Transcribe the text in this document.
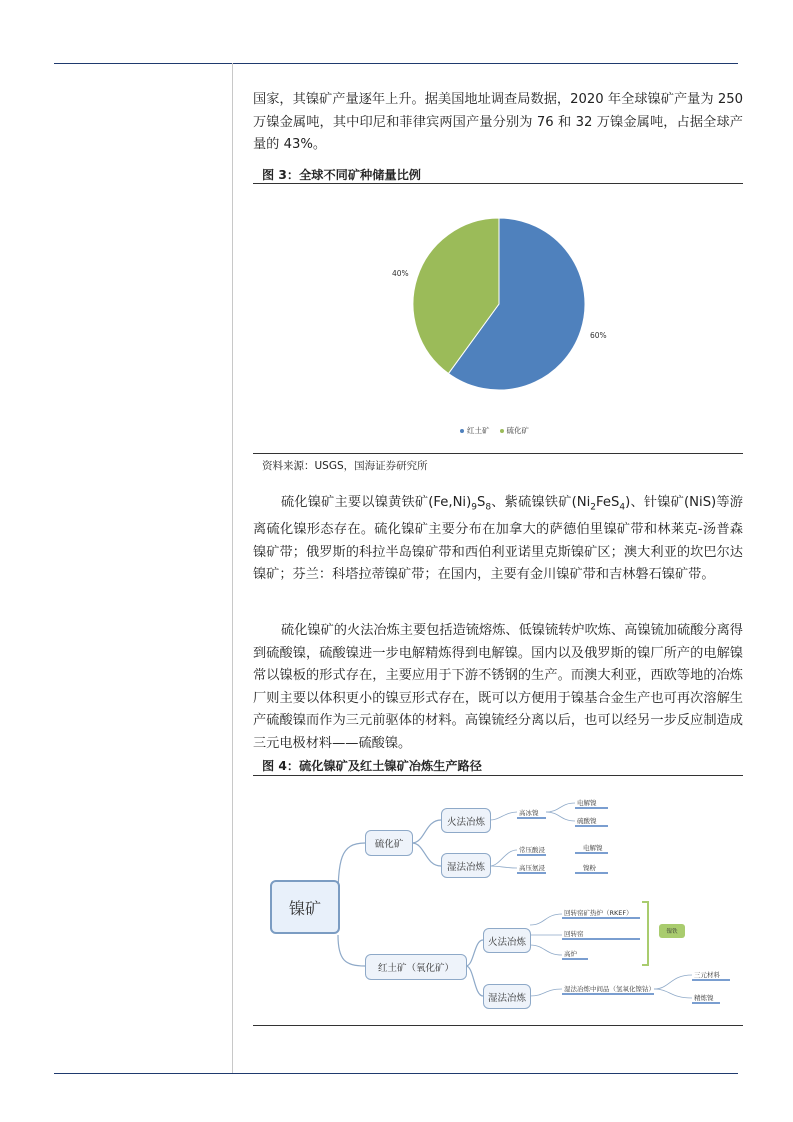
国家，其镍矿产量逐年上升。据美国地址调查局数据，2020 年全球镍矿产量为 250 万镍金属吨，其中印尼和菲律宾两国产量分别为 76 和 32 万镍金属吨，占据全球产量的 43%。

图 3：全球不同矿种储量比例

40%
60%
红土矿	硫化矿

资料来源：USGS，国海证券研究所

硫化镍矿主要以镍黄铁矿$(Fe,Ni)_9S_8$、紫硫镍铁矿$(Ni_2FeS_4)$、针镍矿(NiS)等游离硫化镍形态存在。硫化镍矿主要分布在加拿大的萨德伯里镍矿带和林莱克-汤普森镍矿带；俄罗斯的科拉半岛镍矿带和西伯利亚诺里克斯镍矿区；澳大利亚的坎巴尔达镍矿；芬兰：科塔拉蒂镍矿带；在国内，主要有金川镍矿带和吉林磐石镍矿带。

硫化镍矿的火法冶炼主要包括造锍熔炼、低镍锍转炉吹炼、高镍锍加硫酸分离得到硫酸镍，硫酸镍进一步电解精炼得到电解镍。国内以及俄罗斯的镍厂所产的电解镍常以镍板的形式存在，主要应用于下游不锈钢的生产。而澳大利亚，西欧等地的冶炼厂则主要以体积更小的镍豆形式存在，既可以方便用于镍基合金生产也可再次溶解生产硫酸镍而作为三元前驱体的材料。高镍锍经分离以后，也可以经另一步反应制造成三元电极材料——硫酸镍。

图 4：硫化镍矿及红土镍矿冶炼生产路径

镍矿
硫化矿
火法冶炼
湿法冶炼
红土矿（氧化矿）
火法冶炼
湿法冶炼
高冰镍
电解镍
硫酸镍
常压酸浸	电解镍
高压氨浸	镍粉
回转窑矿热炉（RKEF）
回转窑
高炉
镍铁
湿法冶炼中间品（氢氧化镍钴）
三元材料
精炼镍
